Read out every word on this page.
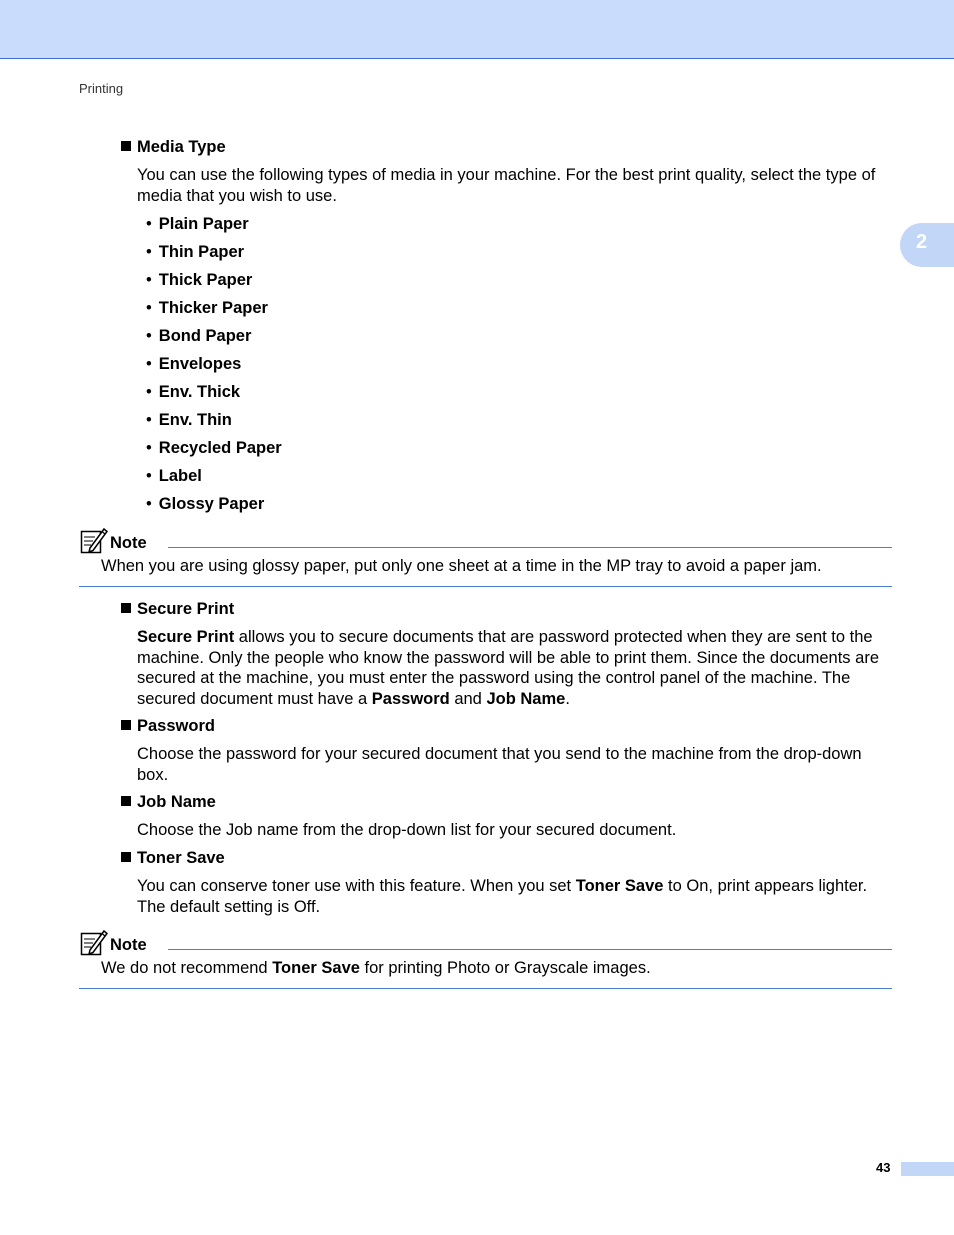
Printing
2
Media Type
You can use the following types of media in your machine. For the best print quality, select the type of media that you wish to use.
• Plain Paper
• Thin Paper
• Thick Paper
• Thicker Paper
• Bond Paper
• Envelopes
• Env. Thick
• Env. Thin
• Recycled Paper
• Label
• Glossy Paper
Note
When you are using glossy paper, put only one sheet at a time in the MP tray to avoid a paper jam.
Secure Print
Secure Print allows you to secure documents that are password protected when they are sent to the machine. Only the people who know the password will be able to print them. Since the documents are secured at the machine, you must enter the password using the control panel of the machine. The secured document must have a Password and Job Name.
Password
Choose the password for your secured document that you send to the machine from the drop-down box.
Job Name
Choose the Job name from the drop-down list for your secured document.
Toner Save
You can conserve toner use with this feature. When you set Toner Save to On, print appears lighter. The default setting is Off.
Note
We do not recommend Toner Save for printing Photo or Grayscale images.
43
